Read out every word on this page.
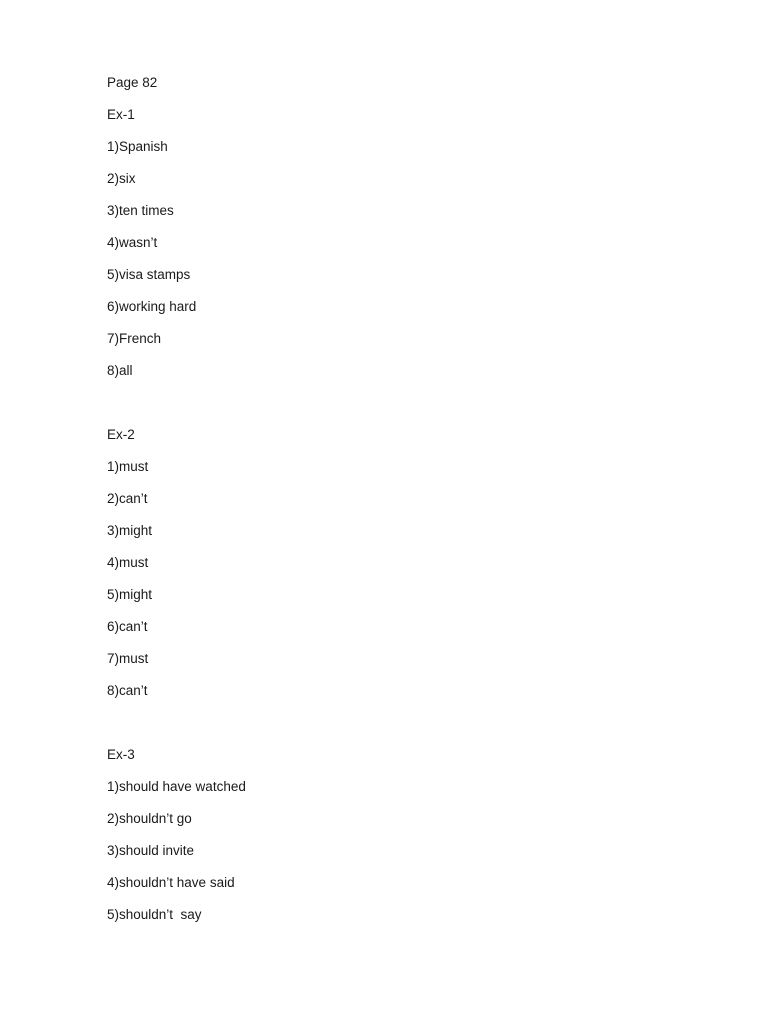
Page 82
Ex-1
1)Spanish
2)six
3)ten times
4)wasn’t
5)visa stamps
6)working hard
7)French
8)all
Ex-2
1)must
2)can’t
3)might
4)must
5)might
6)can’t
7)must
8)can’t
Ex-3
1)should have watched
2)shouldn’t go
3)should invite
4)shouldn’t have said
5)shouldn’t  say
